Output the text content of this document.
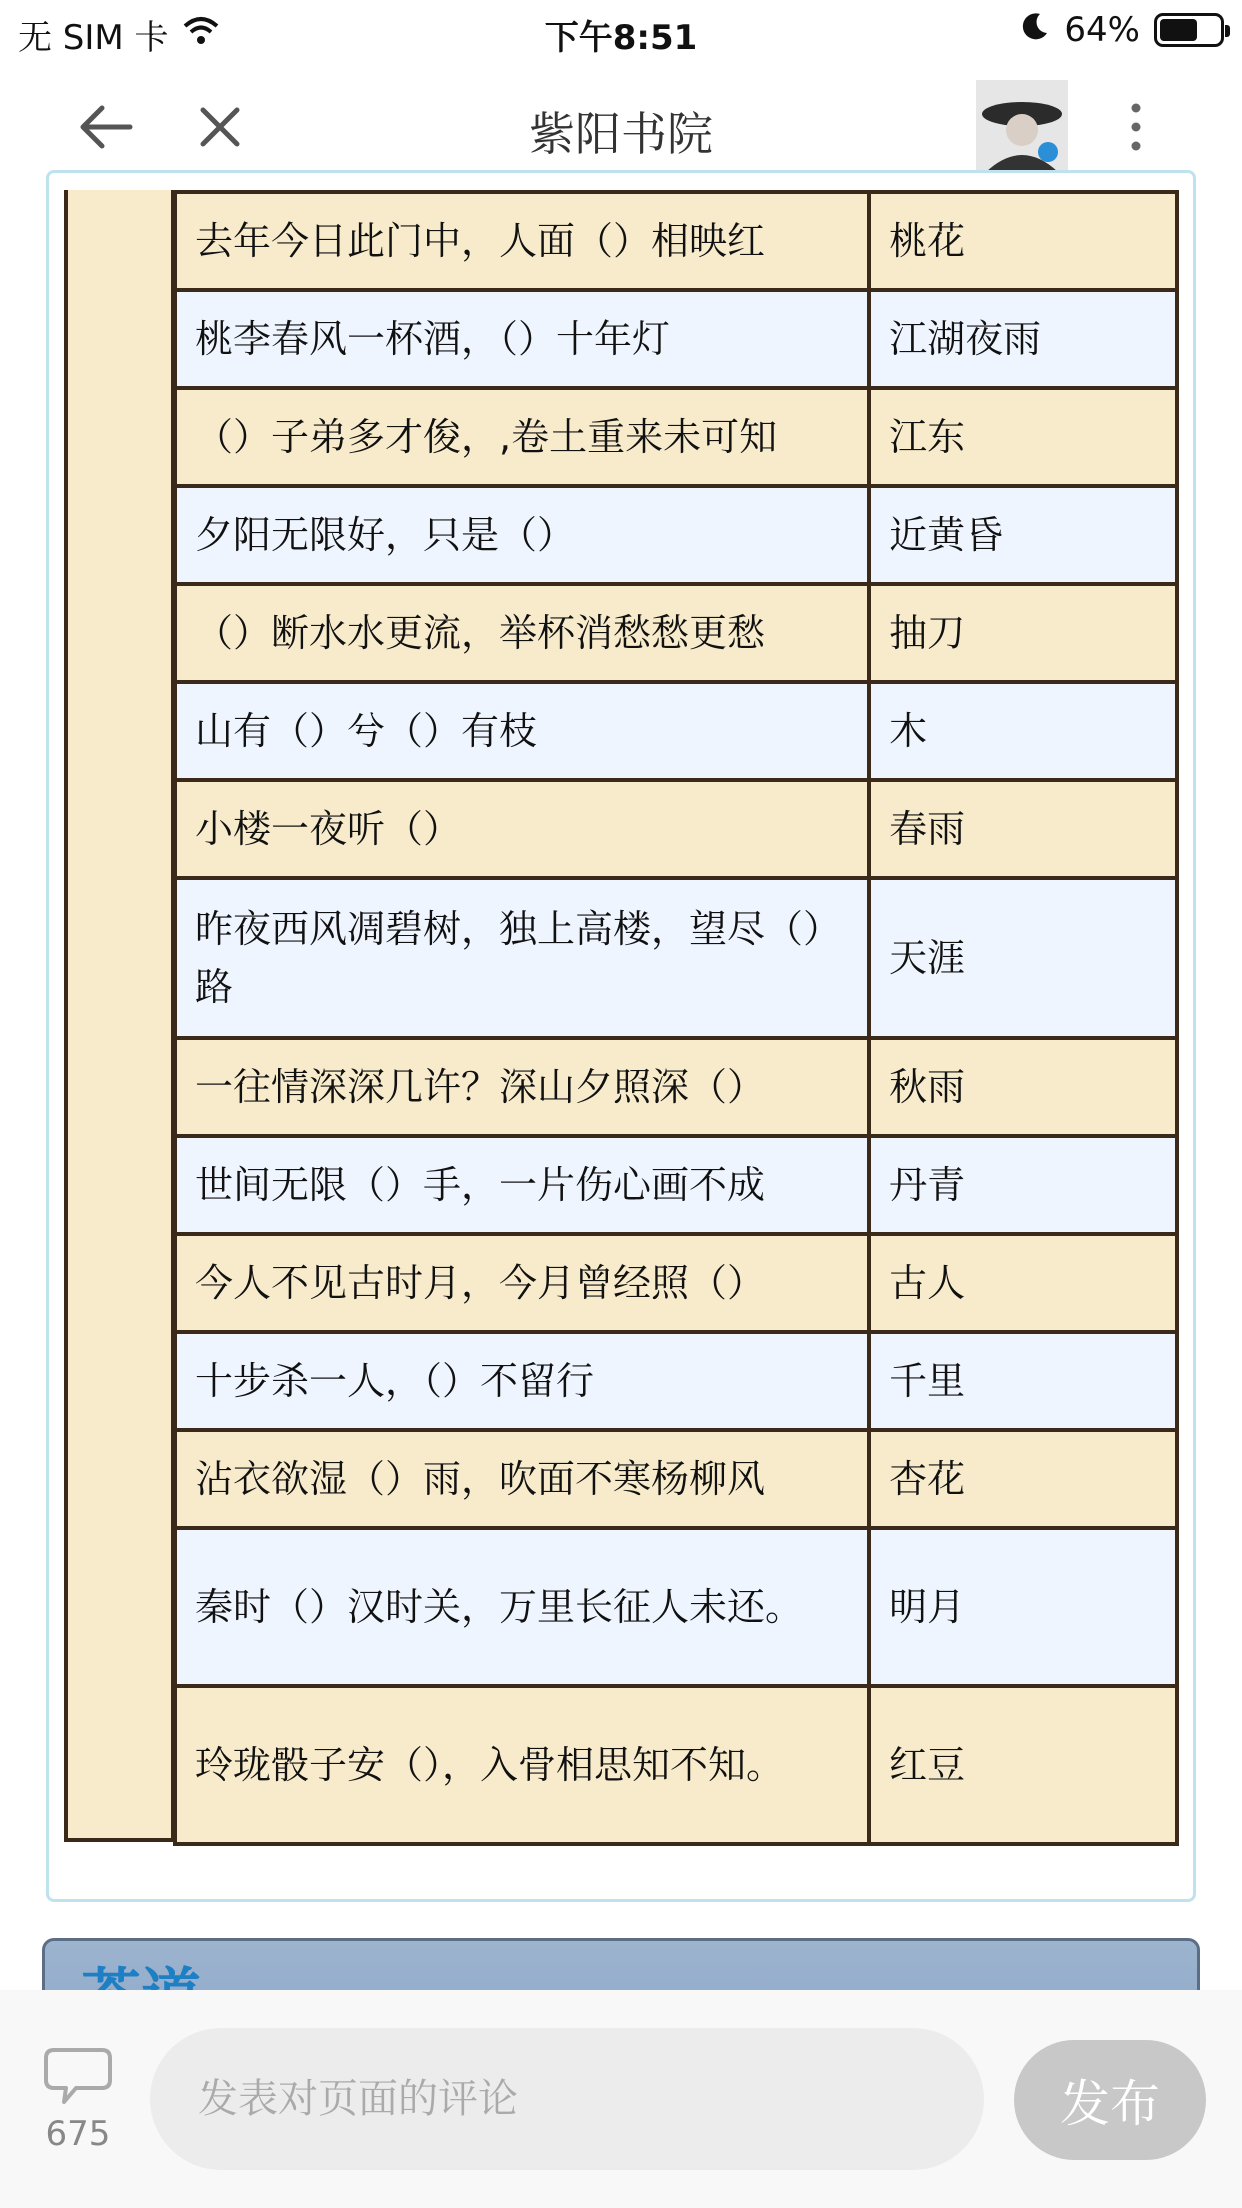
无 SIM 卡	下午8:51	64%
紫阳书院
去年今日此门中，人面（）相映红	桃花
桃李春风一杯酒，（）十年灯	江湖夜雨
（）子弟多才俊，,卷土重来未可知	江东
夕阳无限好，只是（）	近黄昏
（）断水水更流，举杯消愁愁更愁	抽刀
山有（）兮（）有枝	木
小楼一夜听（）	春雨
昨夜西风凋碧树，独上高楼，望尽（）路	天涯
一往情深深几许？深山夕照深（）	秋雨
世间无限（）手，一片伤心画不成	丹青
今人不见古时月，今月曾经照（）	古人
十步杀一人，（）不留行	千里
沾衣欲湿（）雨，吹面不寒杨柳风	杏花
秦时（）汉时关，万里长征人未还。	明月
玲珑骰子安（），入骨相思知不知。	红豆
675
发表对页面的评论
发布
